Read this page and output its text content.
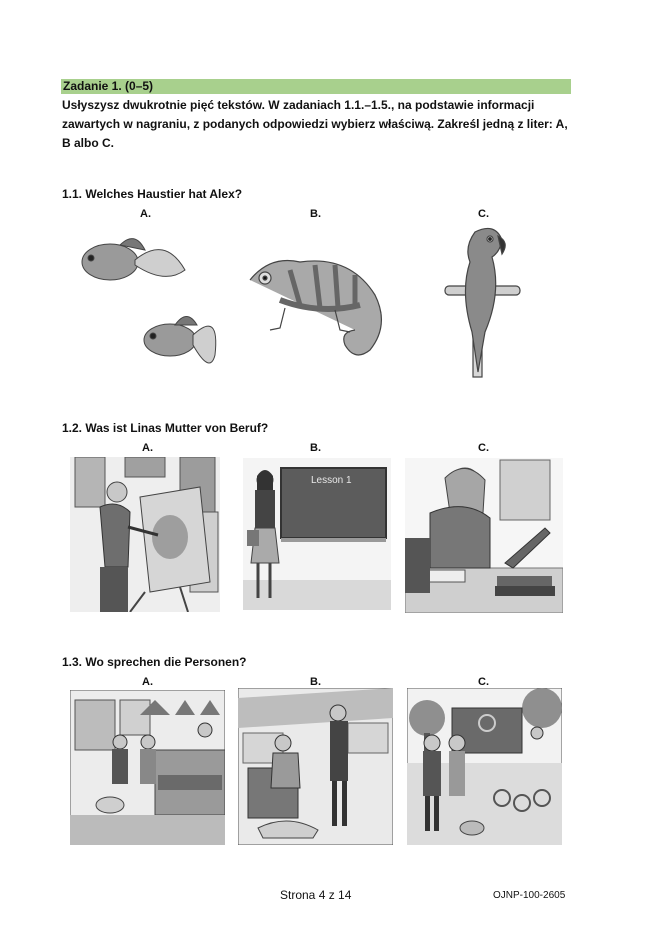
Zadanie 1. (0–5)
Usłyszysz dwukrotnie pięć tekstów. W zadaniach 1.1.–1.5., na podstawie informacji zawartych w nagraniu, z podanych odpowiedzi wybierz właściwą. Zakreśl jedną z liter: A, B albo C.
1.1. Welches Haustier hat Alex?
A.	B.	C.
1.2. Was ist Linas Mutter von Beruf?
A.	B.	C.
Lesson 1
1.3. Wo sprechen die Personen?
A.	B.	C.
Strona 4 z 14	OJNP-100-2605
